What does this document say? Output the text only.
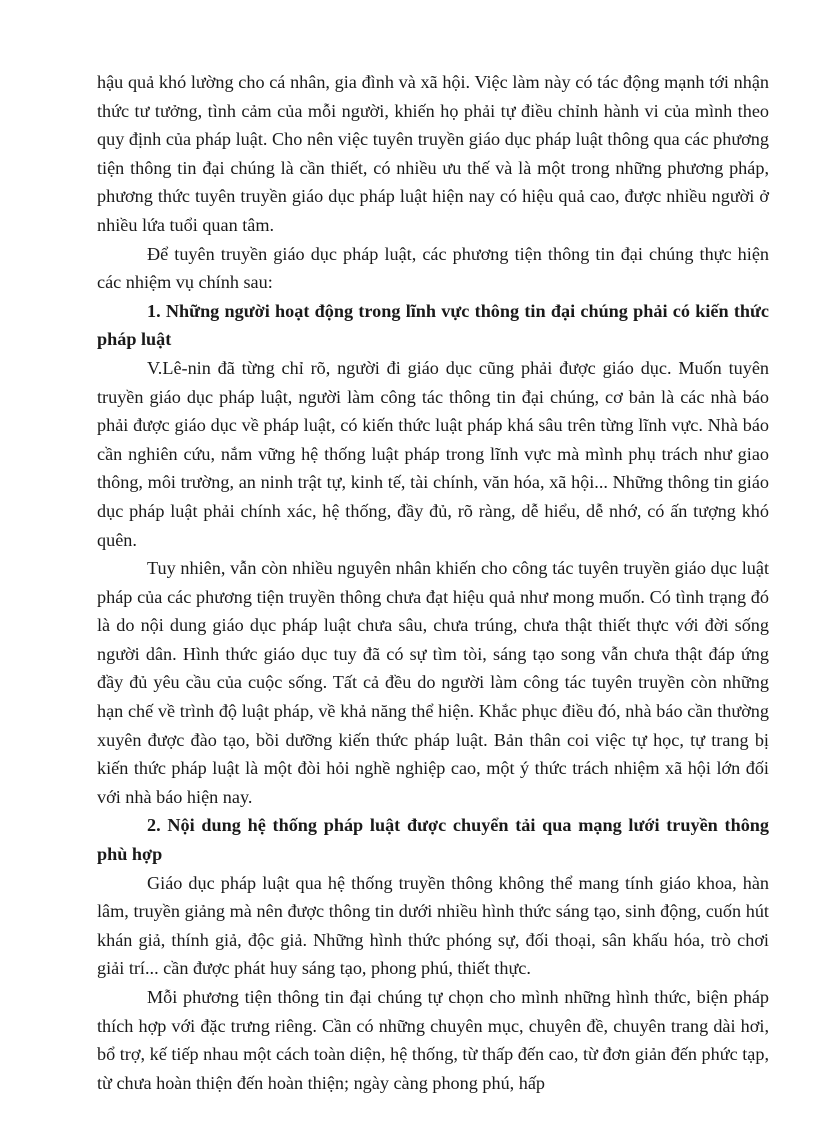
hậu quả khó lường cho cá nhân, gia đình và xã hội. Việc làm này có tác động mạnh tới nhận thức tư tưởng, tình cảm của mỗi người, khiến họ phải tự điều chỉnh hành vi của mình theo quy định của pháp luật. Cho nên việc tuyên truyền giáo dục pháp luật thông qua các phương tiện thông tin đại chúng là cần thiết, có nhiều ưu thế và là một trong những phương pháp, phương thức tuyên truyền giáo dục pháp luật hiện nay có hiệu quả cao, được nhiều người ở nhiều lứa tuổi quan tâm.

Để tuyên truyền giáo dục pháp luật, các phương tiện thông tin đại chúng thực hiện các nhiệm vụ chính sau:

1. Những người hoạt động trong lĩnh vực thông tin đại chúng phải có kiến thức pháp luật

V.Lê-nin đã từng chỉ rõ, người đi giáo dục cũng phải được giáo dục. Muốn tuyên truyền giáo dục pháp luật, người làm công tác thông tin đại chúng, cơ bản là các nhà báo phải được giáo dục về pháp luật, có kiến thức luật pháp khá sâu trên từng lĩnh vực. Nhà báo cần nghiên cứu, nắm vững hệ thống luật pháp trong lĩnh vực mà mình phụ trách như giao thông, môi trường, an ninh trật tự, kinh tế, tài chính, văn hóa, xã hội... Những thông tin giáo dục pháp luật phải chính xác, hệ thống, đầy đủ, rõ ràng, dễ hiểu, dễ nhớ, có ấn tượng khó quên.

Tuy nhiên, vẫn còn nhiều nguyên nhân khiến cho công tác tuyên truyền giáo dục luật pháp của các phương tiện truyền thông chưa đạt hiệu quả như mong muốn. Có tình trạng đó là do nội dung giáo dục pháp luật chưa sâu, chưa trúng, chưa thật thiết thực với đời sống người dân. Hình thức giáo dục tuy đã có sự tìm tòi, sáng tạo song vẫn chưa thật đáp ứng đầy đủ yêu cầu của cuộc sống. Tất cả đều do người làm công tác tuyên truyền còn những hạn chế về trình độ luật pháp, về khả năng thể hiện. Khắc phục điều đó, nhà báo cần thường xuyên được đào tạo, bồi dưỡng kiến thức pháp luật. Bản thân coi việc tự học, tự trang bị kiến thức pháp luật là một đòi hỏi nghề nghiệp cao, một ý thức trách nhiệm xã hội lớn đối với nhà báo hiện nay.

2. Nội dung hệ thống pháp luật được chuyển tải qua mạng lưới truyền thông phù hợp

Giáo dục pháp luật qua hệ thống truyền thông không thể mang tính giáo khoa, hàn lâm, truyền giảng mà nên được thông tin dưới nhiều hình thức sáng tạo, sinh động, cuốn hút khán giả, thính giả, độc giả. Những hình thức phóng sự, đối thoại, sân khấu hóa, trò chơi giải trí... cần được phát huy sáng tạo, phong phú, thiết thực.

Mỗi phương tiện thông tin đại chúng tự chọn cho mình những hình thức, biện pháp thích hợp với đặc trưng riêng. Cần có những chuyên mục, chuyên đề, chuyên trang dài hơi, bổ trợ, kế tiếp nhau một cách toàn diện, hệ thống, từ thấp đến cao, từ đơn giản đến phức tạp, từ chưa hoàn thiện đến hoàn thiện; ngày càng phong phú, hấp
